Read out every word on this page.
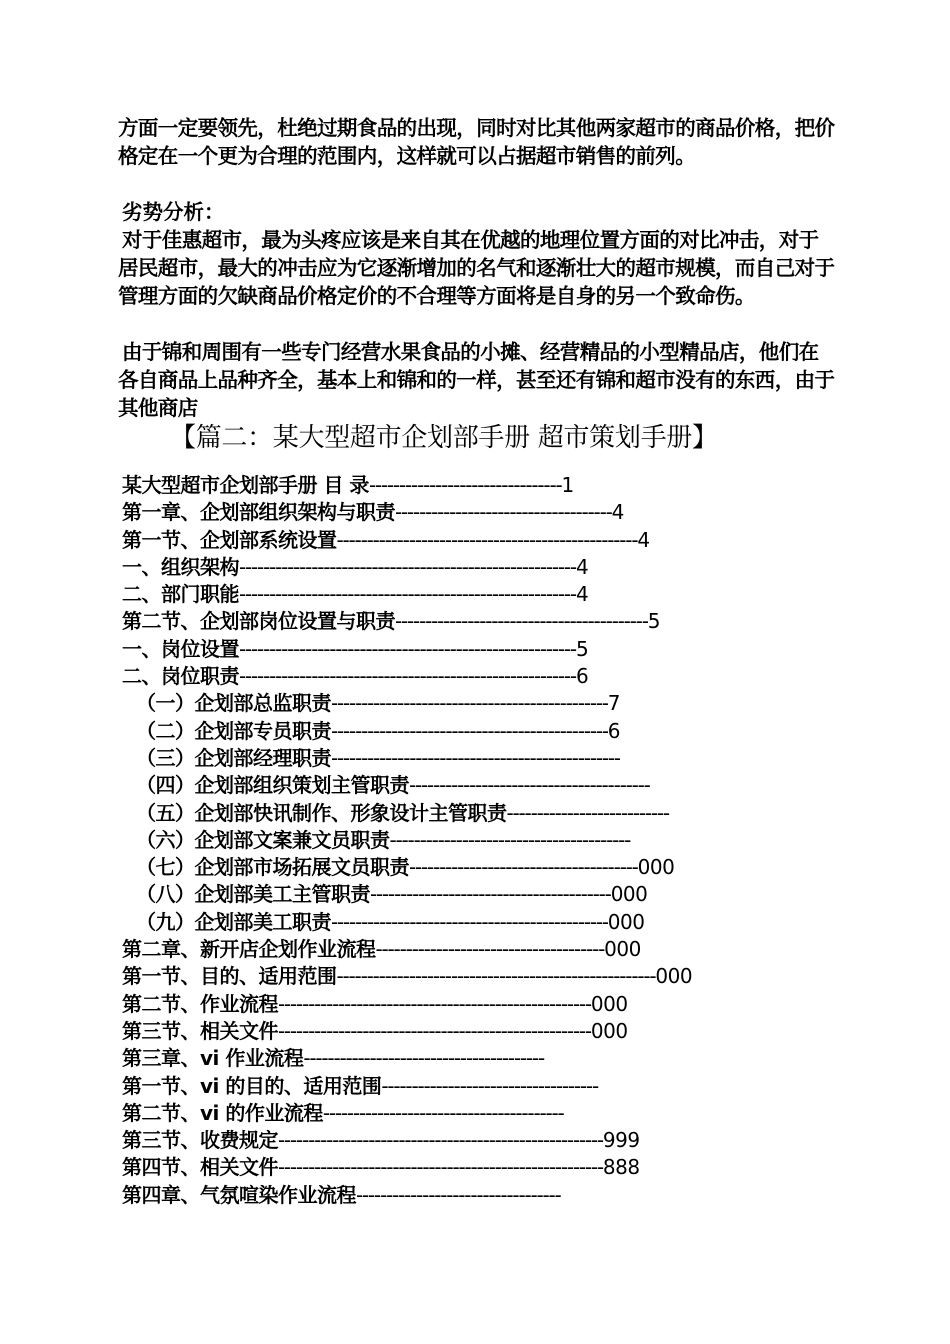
方面一定要领先，杜绝过期食品的出现，同时对比其他两家超市的商品价格，把价格定在一个更为合理的范围内，这样就可以占据超市销售的前列。

劣势分析：

对于佳惠超市，最为头疼应该是来自其在优越的地理位置方面的对比冲击，对于居民超市，最大的冲击应为它逐渐增加的名气和逐渐壮大的超市规模，而自己对于管理方面的欠缺商品价格定价的不合理等方面将是自身的另一个致命伤。

由于锦和周围有一些专门经营水果食品的小摊、经营精品的小型精品店，他们在各自商品上品种齐全，基本上和锦和的一样，甚至还有锦和超市没有的东西，由于其他商店

【篇二：某大型超市企划部手册 超市策划手册】
某大型超市企划部手册 目 录--------------------------------1
第一章、企划部组织架构与职责------------------------------------4
第一节、企划部系统设置--------------------------------------------------4
一、组织架构--------------------------------------------------------4
二、部门职能--------------------------------------------------------4
第二节、企划部岗位设置与职责------------------------------------------5
一、岗位设置--------------------------------------------------------5
二、岗位职责--------------------------------------------------------6
（一）企划部总监职责----------------------------------------------7
（二）企划部专员职责----------------------------------------------6
（三）企划部经理职责------------------------------------------------
（四）企划部组织策划主管职责----------------------------------------
（五）企划部快讯制作、形象设计主管职责---------------------------
（六）企划部文案兼文员职责----------------------------------------
（七）企划部市场拓展文员职责--------------------------------------000
（八）企划部美工主管职责----------------------------------------000
（九）企划部美工职责----------------------------------------------000
第二章、新开店企划作业流程--------------------------------------000
第一节、目的、适用范围-----------------------------------------------------000
第二节、作业流程----------------------------------------------------000
第三节、相关文件----------------------------------------------------000
第三章、vi 作业流程----------------------------------------
第一节、vi 的目的、适用范围------------------------------------
第二节、vi 的作业流程----------------------------------------
第三节、收费规定------------------------------------------------------999
第四节、相关文件------------------------------------------------------888
第四章、气氛喧染作业流程----------------------------------
